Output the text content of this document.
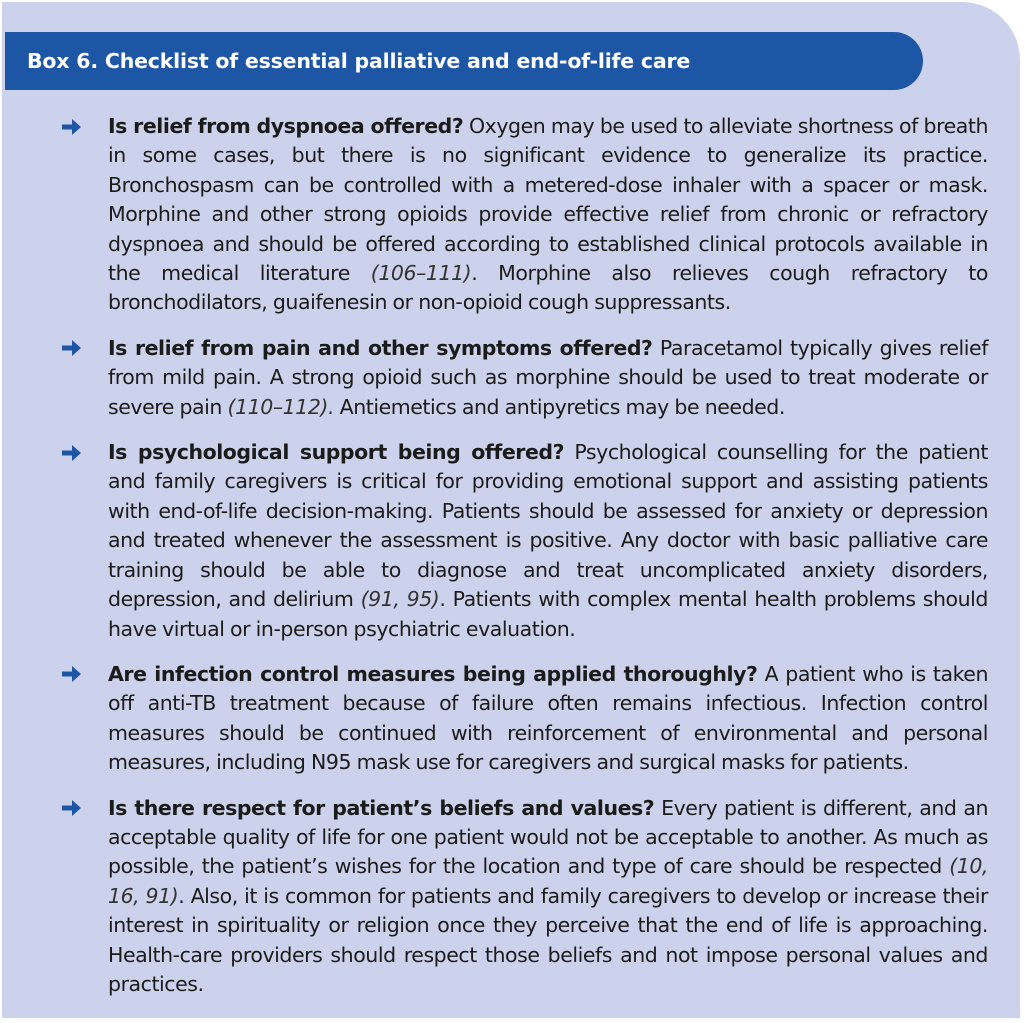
Box 6. Checklist of essential palliative and end-of-life care
Is relief from dyspnoea offered? Oxygen may be used to alleviate shortness of breath in some cases, but there is no significant evidence to generalize its practice. Bronchospasm can be controlled with a metered-dose inhaler with a spacer or mask. Morphine and other strong opioids provide effective relief from chronic or refractory dyspnoea and should be offered according to established clinical protocols available in the medical literature (106–111). Morphine also relieves cough refractory to bronchodilators, guaifenesin or non-opioid cough suppressants.
Is relief from pain and other symptoms offered? Paracetamol typically gives relief from mild pain. A strong opioid such as morphine should be used to treat moderate or severe pain (110–112). Antiemetics and antipyretics may be needed.
Is psychological support being offered? Psychological counselling for the patient and family caregivers is critical for providing emotional support and assisting patients with end-of-life decision-making. Patients should be assessed for anxiety or depression and treated whenever the assessment is positive. Any doctor with basic palliative care training should be able to diagnose and treat uncomplicated anxiety disorders, depression, and delirium (91, 95). Patients with complex mental health problems should have virtual or in-person psychiatric evaluation.
Are infection control measures being applied thoroughly? A patient who is taken off anti-TB treatment because of failure often remains infectious. Infection control measures should be continued with reinforcement of environmental and personal measures, including N95 mask use for caregivers and surgical masks for patients.
Is there respect for patient’s beliefs and values? Every patient is different, and an acceptable quality of life for one patient would not be acceptable to another. As much as possible, the patient’s wishes for the location and type of care should be respected (10, 16, 91). Also, it is common for patients and family caregivers to develop or increase their interest in spirituality or religion once they perceive that the end of life is approaching. Health-care providers should respect those beliefs and not impose personal values and practices.
